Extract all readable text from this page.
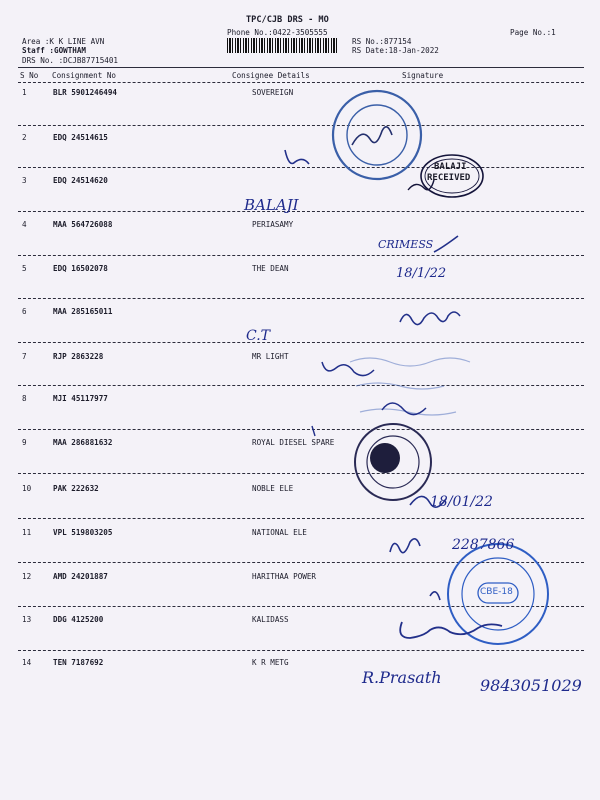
TPC/CJB DRS - MO
Phone No.:0422-3505555	Page No.:1
Area :K K LINE AVN
Staff :GOWTHAM
DRS No. :DCJB87715401
RS No.:877154
RS Date:18-Jan-2022
S No Consignment No	Consignee Details	Signature
1	BLR 5901246494	SOVEREIGN
2	EDQ 24514615
3	EDQ 24514620
4	MAA 564726088	PERIASAMY
5	EDQ 16502078	THE DEAN
6	MAA 285165011
7	RJP 2863228	MR LIGHT
8	MJI 45117977
9	MAA 286881632	ROYAL DIESEL SPARE
10	PAK 222632	NOBLE ELE
11	VPL 519803205	NATIONAL ELE
12	AMD 24201887	HARITHAA POWER
13	DDG 4125200	KALIDASS
14	TEN 7187692	K R METG
BALAJI
RECEIVED
CBE-18
BALAJI
CRIMESS
18/1/22
C.T
18/01/22
2287866
R.Prasath 9843051029
